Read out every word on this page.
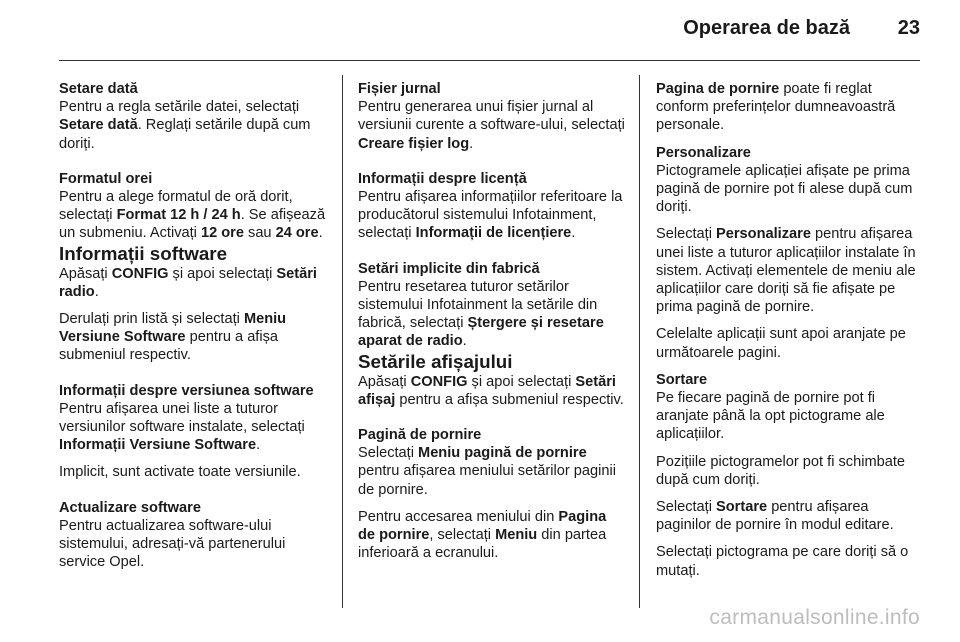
Operarea de bază 23

Setare dată

Pentru a regla setările datei, selectați Setare dată. Reglați setările după cum doriți.

Formatul orei

Pentru a alege formatul de oră dorit, selectați Format 12 h / 24 h. Se afișează un submeniu. Activați 12 ore sau 24 ore.

Informații software

Apăsați CONFIG și apoi selectați Setări radio.

Derulați prin listă și selectați Meniu Versiune Software pentru a afișa submeniul respectiv.

Informații despre versiunea software

Pentru afișarea unei liste a tuturor versiunilor software instalate, selectați Informații Versiune Software.

Implicit, sunt activate toate versiunile.

Actualizare software

Pentru actualizarea software-ului sistemului, adresați-vă partenerului service Opel.

Fișier jurnal

Pentru generarea unui fișier jurnal al versiunii curente a software-ului, selectați Creare fișier log.

Informații despre licență

Pentru afișarea informațiilor referitoare la producătorul sistemului Infotainment, selectați Informații de licențiere.

Setări implicite din fabrică

Pentru resetarea tuturor setărilor sistemului Infotainment la setările din fabrică, selectați Ștergere și resetare aparat de radio.

Setările afișajului

Apăsați CONFIG și apoi selectați Setări afișaj pentru a afișa submeniul respectiv.

Pagină de pornire

Selectați Meniu pagină de pornire pentru afișarea meniului setărilor paginii de pornire.

Pentru accesarea meniului din Pagina de pornire, selectați Meniu din partea inferioară a ecranului.

Pagina de pornire poate fi reglat conform preferințelor dumneavoastră personale.

Personalizare

Pictogramele aplicației afișate pe prima pagină de pornire pot fi alese după cum doriți.

Selectați Personalizare pentru afișarea unei liste a tuturor aplicațiilor instalate în sistem. Activați elementele de meniu ale aplicațiilor care doriți să fie afișate pe prima pagină de pornire.

Celelalte aplicații sunt apoi aranjate pe următoarele pagini.

Sortare

Pe fiecare pagină de pornire pot fi aranjate până la opt pictograme ale aplicațiilor.

Pozițiile pictogramelor pot fi schimbate după cum doriți.

Selectați Sortare pentru afișarea paginilor de pornire în modul editare.

Selectați pictograma pe care doriți să o mutați.

carmanualsonline.info
